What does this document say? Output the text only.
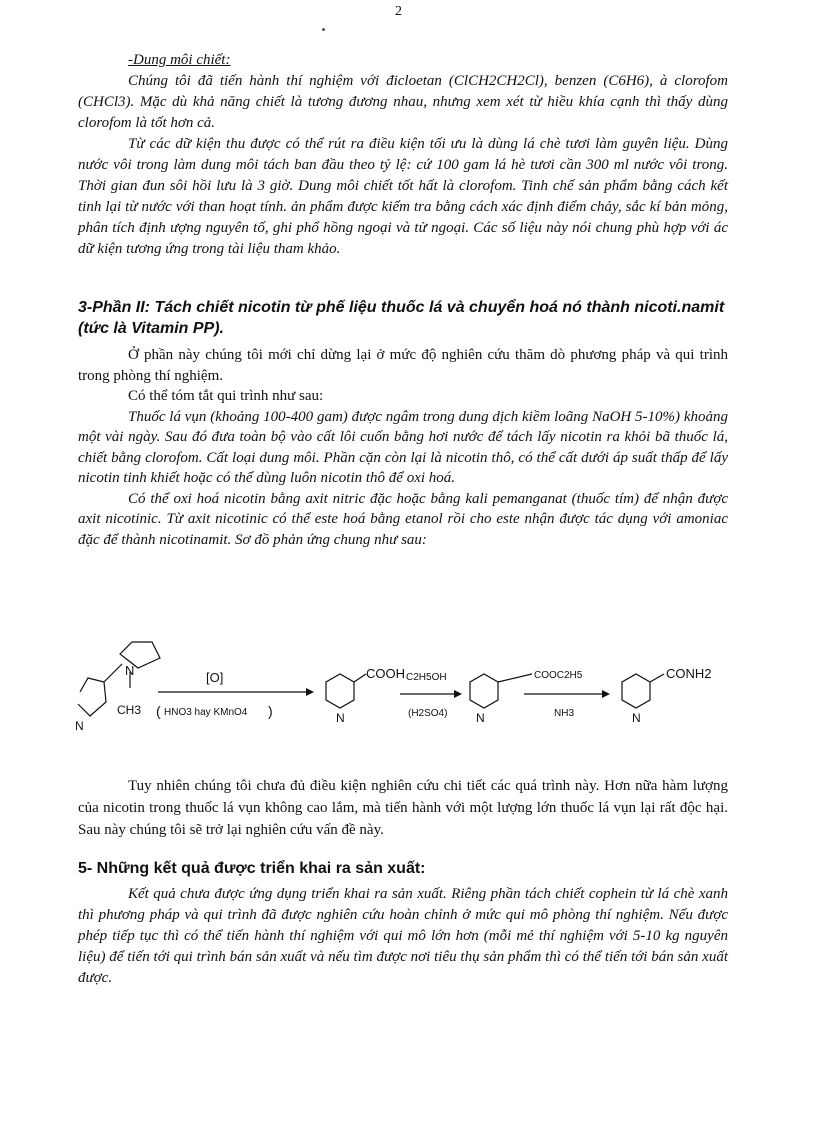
2

-Dung môi chiết:

Chúng tôi đã tiến hành thí nghiệm với đicloetan (ClCH2CH2Cl), benzen (C6H6), à clorofom (CHCl3). Mặc dù khả năng chiết là tương đương nhau, nhưng xem xét từ hiều khía cạnh thì thấy dùng clorofom là tốt hơn cả.

Từ các dữ kiện thu được có thể rút ra điều kiện tối ưu là dùng lá chè tươi làm guyên liệu. Dùng nước vôi trong làm dung môi tách ban đầu theo tỷ lệ: cứ 100 gam lá hè tươi cần 300 ml nước vôi trong. Thời gian đun sôi hồi lưu là 3 giờ. Dung môi chiết tốt hất là clorofom. Tinh chế sản phẩm bằng cách kết tinh lại từ nước với than hoạt tính. ản phẩm được kiểm tra bằng cách xác định điểm chảy, sắc kí bản mỏng, phân tích định ượng nguyên tố, ghi phổ hồng ngoại và tử ngoại. Các số liệu này nói chung phù hợp với ác dữ kiện tương ứng trong tài liệu tham khảo.

3-Phần II: Tách chiết nicotin từ phế liệu thuốc lá và chuyển hoá nó thành nicoti.namit (tức là Vitamin PP).

Ở phần này chúng tôi mới chỉ dừng lại ở mức độ nghiên cứu thăm dò phương pháp và qui trình trong phòng thí nghiệm.

Có thể tóm tắt qui trình như sau:

Thuốc lá vụn (khoảng 100-400 gam) được ngâm trong dung dịch kiềm loãng NaOH 5-10%) khoảng một vài ngày. Sau đó đưa toàn bộ vào cất lôi cuốn bằng hơi nước để tách lấy nicotin ra khỏi bã thuốc lá, chiết bằng clorofom. Cất loại dung môi. Phần cặn còn lại là nicotin thô, có thể cất dưới áp suất thấp để lấy nicotin tinh khiết hoặc có thể dùng luôn nicotin thô để oxi hoá.

Có thể oxi hoá nicotin bằng axit nitric đặc hoặc bằng kali pemanganat (thuốc tím) để nhận được axit nicotinic. Từ axit nicotinic có thể este hoá bằng etanol rồi cho este nhận được tác dụng với amoniac đặc để thành nicotinamit. Sơ đồ phản ứng chung như sau:

N
N
CH3
[O]
( HNO3 hay KMnO4 )
COOH
N
C2H5OH
(H2SO4)
COOC2H5
N	NH3
CONH2
N

Tuy nhiên chúng tôi chưa đủ điều kiện nghiên cứu chi tiết các quá trình này. Hơn nữa hàm lượng của nicotin trong thuốc lá vụn không cao lắm, mà tiến hành với một lượng lớn thuốc lá vụn lại rất độc hại. Sau này chúng tôi sẽ trở lại nghiên cứu vấn đề này.

5- Những kết quả được triển khai ra sản xuất:

Kết quả chưa được ứng dụng triển khai ra sản xuất. Riêng phần tách chiết cophein từ lá chè xanh thì phương pháp và qui trình đã được nghiên cứu hoàn chỉnh ở mức qui mô phòng thí nghiệm. Nếu được phép tiếp tục thì có thể tiến hành thí nghiệm với qui mô lớn hơn (mỗi mẻ thí nghiệm với 5-10 kg nguyên liệu) để tiến tới qui trình bán sản xuất và nếu tìm được nơi tiêu thụ sản phẩm thì có thể tiến tới bán sản xuất được.
